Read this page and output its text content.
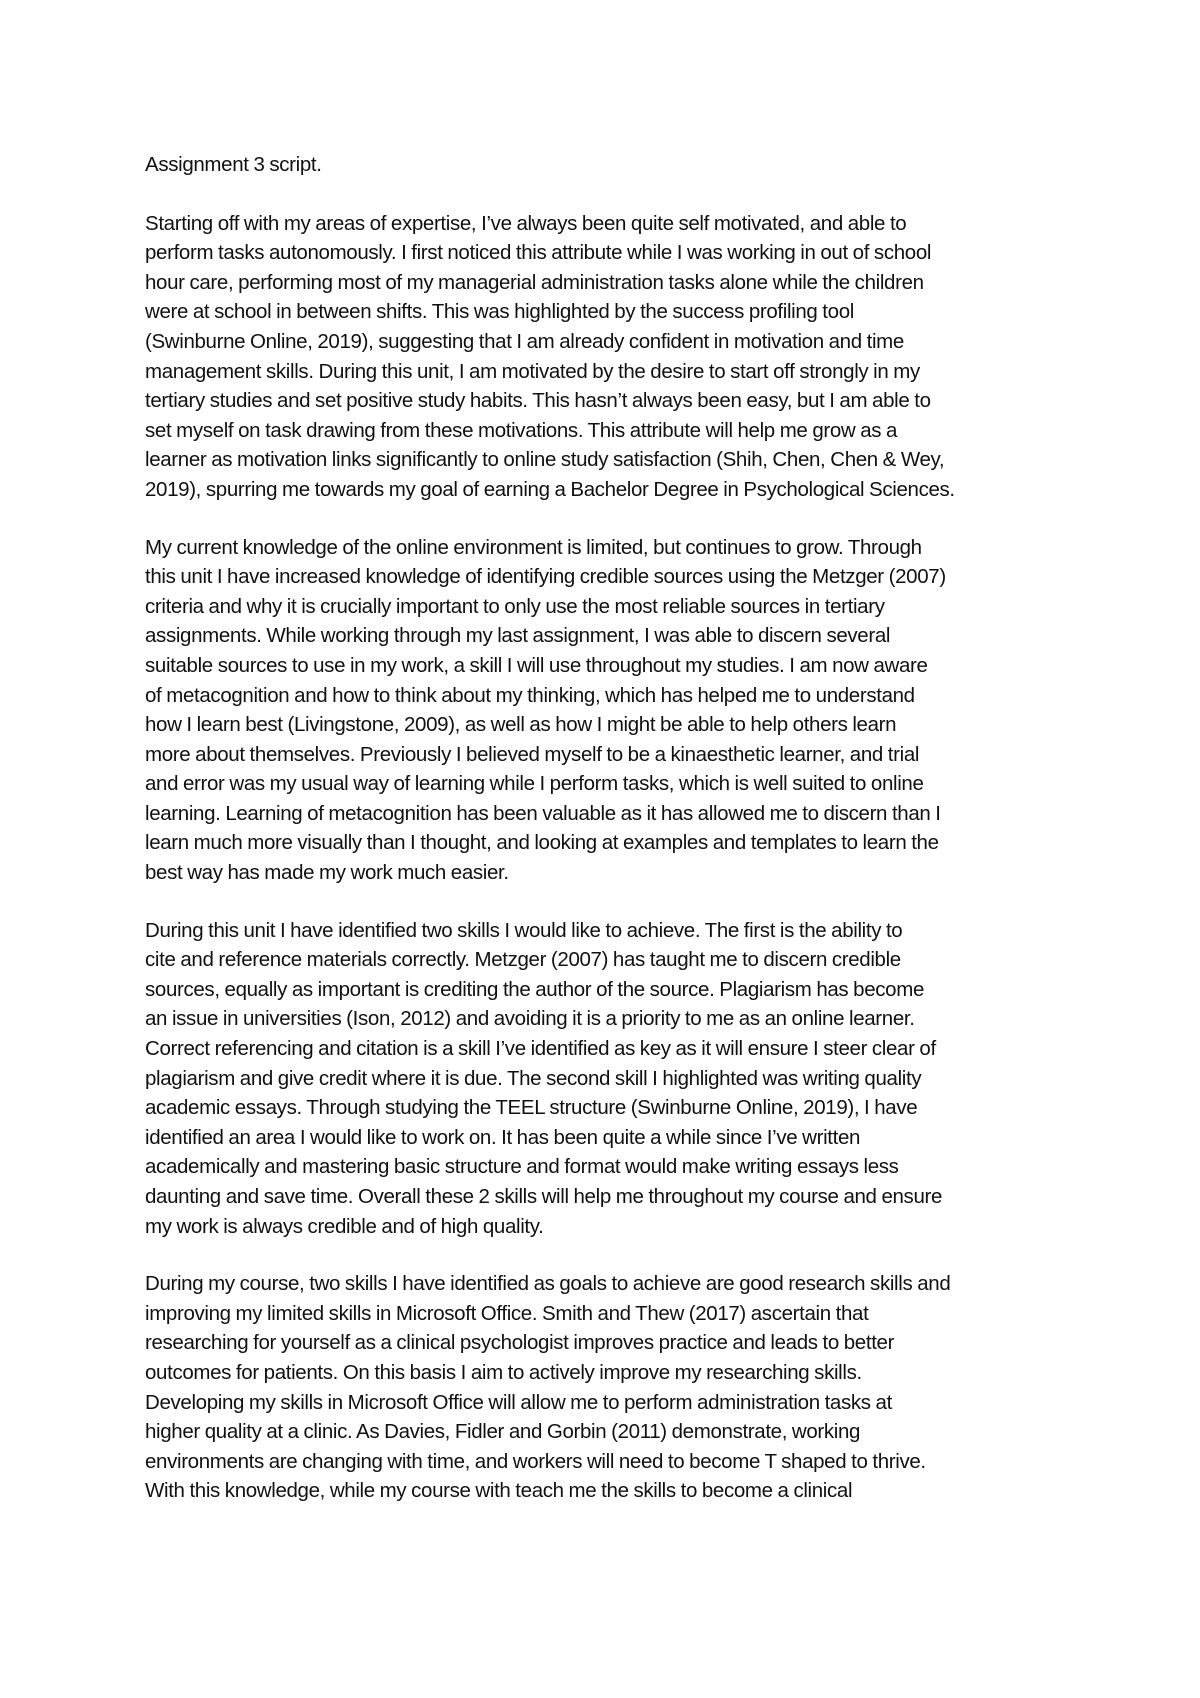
Assignment 3 script.
Starting off with my areas of expertise, I’ve always been quite self motivated, and able to
perform tasks autonomously. I first noticed this attribute while I was working in out of school
hour care, performing most of my managerial administration tasks alone while the children
were at school in between shifts. This was highlighted by the success profiling tool
(Swinburne Online, 2019), suggesting that I am already confident in motivation and time
management skills. During this unit, I am motivated by the desire to start off strongly in my
tertiary studies and set positive study habits. This hasn’t always been easy, but I am able to
set myself on task drawing from these motivations. This attribute will help me grow as a
learner as motivation links significantly to online study satisfaction (Shih, Chen, Chen & Wey,
2019), spurring me towards my goal of earning a Bachelor Degree in Psychological Sciences.
My current knowledge of the online environment is limited, but continues to grow. Through
this unit I have increased knowledge of identifying credible sources using the Metzger (2007)
criteria and why it is crucially important to only use the most reliable sources in tertiary
assignments. While working through my last assignment, I was able to discern several
suitable sources to use in my work, a skill I will use throughout my studies. I am now aware
of metacognition and how to think about my thinking, which has helped me to understand
how I learn best (Livingstone, 2009), as well as how I might be able to help others learn
more about themselves. Previously I believed myself to be a kinaesthetic learner, and trial
and error was my usual way of learning while I perform tasks, which is well suited to online
learning. Learning of metacognition has been valuable as it has allowed me to discern than I
learn much more visually than I thought, and looking at examples and templates to learn the
best way has made my work much easier.
During this unit I have identified two skills I would like to achieve. The first is the ability to
cite and reference materials correctly. Metzger (2007) has taught me to discern credible
sources, equally as important is crediting the author of the source. Plagiarism has become
an issue in universities (Ison, 2012) and avoiding it is a priority to me as an online learner.
Correct referencing and citation is a skill I’ve identified as key as it will ensure I steer clear of
plagiarism and give credit where it is due. The second skill I highlighted was writing quality
academic essays. Through studying the TEEL structure (Swinburne Online, 2019), I have
identified an area I would like to work on. It has been quite a while since I’ve written
academically and mastering basic structure and format would make writing essays less
daunting and save time. Overall these 2 skills will help me throughout my course and ensure
my work is always credible and of high quality.
During my course, two skills I have identified as goals to achieve are good research skills and
improving my limited skills in Microsoft Office. Smith and Thew (2017) ascertain that
researching for yourself as a clinical psychologist improves practice and leads to better
outcomes for patients. On this basis I aim to actively improve my researching skills.
Developing my skills in Microsoft Office will allow me to perform administration tasks at
higher quality at a clinic. As Davies, Fidler and Gorbin (2011) demonstrate, working
environments are changing with time, and workers will need to become T shaped to thrive.
With this knowledge, while my course with teach me the skills to become a clinical
